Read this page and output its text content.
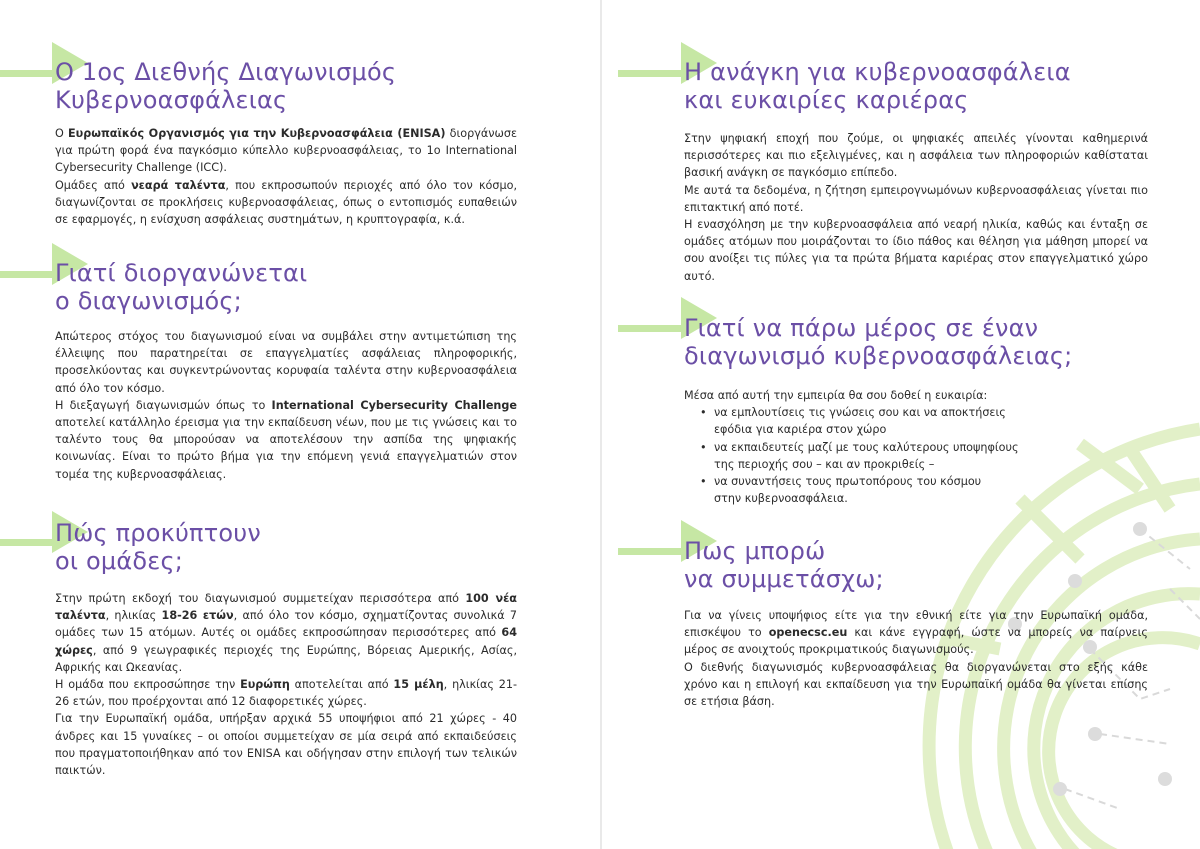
Ο 1ος Διεθνής Διαγωνισμός
Κυβερνοασφάλειας

Ο Ευρωπαϊκός Οργανισμός για την Κυβερνοασφάλεια (ENISA) διοργάνωσε για πρώτη φορά ένα παγκόσμιο κύπελλο κυβερνοασφάλειας, το 1ο International Cybersecurity Challenge (ICC).

Ομάδες από νεαρά ταλέντα, που εκπροσωπούν περιοχές από όλο τον κόσμο, διαγωνίζονται σε προκλήσεις κυβερνοασφάλειας, όπως ο εντοπισμός ευπαθειών σε εφαρμογές, η ενίσχυση ασφάλειας συστημάτων, η κρυπτογραφία, κ.ά.

Γιατί διοργανώνεται
ο διαγωνισμός;

Απώτερος στόχος του διαγωνισμού είναι να συμβάλει στην αντιμετώπιση της έλλειψης που παρατηρείται σε επαγγελματίες ασφάλειας πληροφορικής, προσελκύοντας και συγκεντρώνοντας κορυφαία ταλέντα στην κυβερνοασφάλεια από όλο τον κόσμο.

Η διεξαγωγή διαγωνισμών όπως το International Cybersecurity Challenge αποτελεί κατάλληλο έρεισμα για την εκπαίδευση νέων, που με τις γνώσεις και το ταλέντο τους θα μπορούσαν να αποτελέσουν την ασπίδα της ψηφιακής κοινωνίας. Είναι το πρώτο βήμα για την επόμενη γενιά επαγγελματιών στον τομέα της κυβερνοασφάλειας.

Πώς προκύπτουν
οι ομάδες;

Στην πρώτη εκδοχή του διαγωνισμού συμμετείχαν περισσότερα από 100 νέα ταλέντα, ηλικίας 18-26 ετών, από όλο τον κόσμο, σχηματίζοντας συνολικά 7 ομάδες των 15 ατόμων. Αυτές οι ομάδες εκπροσώπησαν περισσότερες από 64 χώρες, από 9 γεωγραφικές περιοχές της Ευρώπης, Βόρειας Αμερικής, Ασίας, Αφρικής και Ωκεανίας.

Η ομάδα που εκπροσώπησε την Ευρώπη αποτελείται από 15 μέλη, ηλικίας 21-26 ετών, που προέρχονται από 12 διαφορετικές χώρες.

Για την Ευρωπαϊκή ομάδα, υπήρξαν αρχικά 55 υποψήφιοι από 21 χώρες - 40 άνδρες και 15 γυναίκες – οι οποίοι συμμετείχαν σε μία σειρά από εκπαιδεύσεις που πραγματοποιήθηκαν από τον ENISA και οδήγησαν στην επιλογή των τελικών παικτών.

Η ανάγκη για κυβερνοασφάλεια
και ευκαιρίες καριέρας

Στην ψηφιακή εποχή που ζούμε, οι ψηφιακές απειλές γίνονται καθημερινά περισσότερες και πιο εξελιγμένες, και η ασφάλεια των πληροφοριών καθίσταται βασική ανάγκη σε παγκόσμιο επίπεδο.

Με αυτά τα δεδομένα, η ζήτηση εμπειρογνωμόνων κυβερνοασφάλειας γίνεται πιο επιτακτική από ποτέ.

Η ενασχόληση με την κυβερνοασφάλεια από νεαρή ηλικία, καθώς και ένταξη σε ομάδες ατόμων που μοιράζονται το ίδιο πάθος και θέληση για μάθηση μπορεί να σου ανοίξει τις πύλες για τα πρώτα βήματα καριέρας στον επαγγελματικό χώρο αυτό.

Γιατί να πάρω μέρος σε έναν
διαγωνισμό κυβερνοασφάλειας;

Μέσα από αυτή την εμπειρία θα σου δοθεί η ευκαιρία:

• να εμπλουτίσεις τις γνώσεις σου και να αποκτήσεις
εφόδια για καριέρα στον χώρο
• να εκπαιδευτείς μαζί με τους καλύτερους υποψηφίους
της περιοχής σου – και αν προκριθείς –
• να συναντήσεις τους πρωτοπόρους του κόσμου
στην κυβερνοασφάλεια.
Πως μπορώ
να συμμετάσχω;

Για να γίνεις υποψήφιος είτε για την εθνική είτε για την Ευρωπαϊκή ομάδα, επισκέψου το openecsc.eu και κάνε εγγραφή, ώστε να μπορείς να παίρνεις μέρος σε ανοιχτούς προκριματικούς διαγωνισμούς.

Ο διεθνής διαγωνισμός κυβερνοασφάλειας θα διοργανώνεται στο εξής κάθε χρόνο και η επιλογή και εκπαίδευση για την Ευρωπαϊκή ομάδα θα γίνεται επίσης σε ετήσια βάση.
